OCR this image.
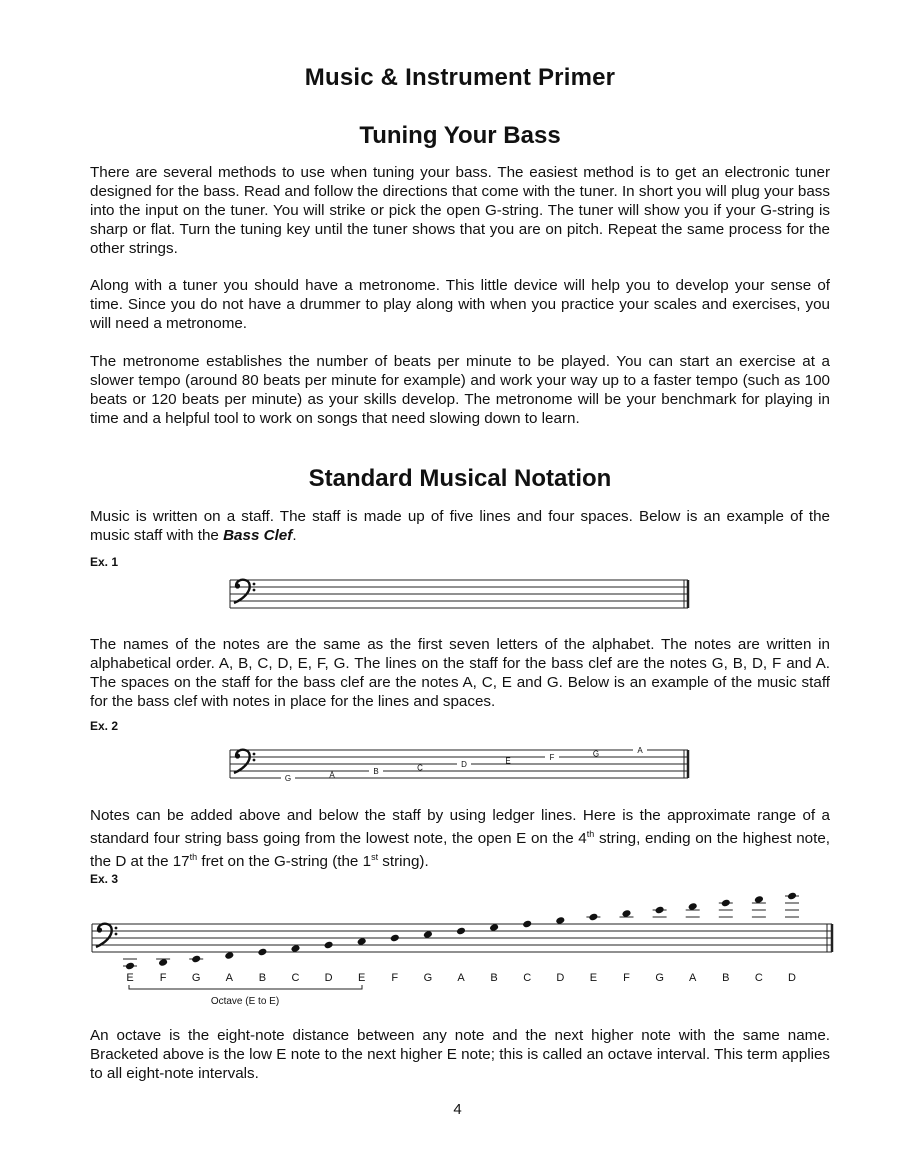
Music & Instrument Primer
Tuning Your Bass
There are several methods to use when tuning your bass. The easiest method is to get an electronic tuner designed for the bass. Read and follow the directions that come with the tuner. In short you will plug your bass into the input on the tuner. You will strike or pick the open G-string. The tuner will show you if your G-string is sharp or flat. Turn the tuning key until the tuner shows that you are on pitch. Repeat the same process for the other strings.
Along with a tuner you should have a metronome. This little device will help you to develop your sense of time. Since you do not have a drummer to play along with when you practice your scales and exercises, you will need a metronome.
The metronome establishes the number of beats per minute to be played. You can start an exercise at a slower tempo (around 80 beats per minute for example) and work your way up to a faster tempo (such as 100 beats or 120 beats per minute) as your skills develop. The metronome will be your benchmark for playing in time and a helpful tool to work on songs that need slowing down to learn.
Standard Musical Notation
Music is written on a staff. The staff is made up of five lines and four spaces. Below is an example of the music staff with the Bass Clef.
Ex. 1
The names of the notes are the same as the first seven letters of the alphabet. The notes are written in alphabetical order. A, B, C, D, E, F, G. The lines on the staff for the bass clef are the notes G, B, D, F and A. The spaces on the staff for the bass clef are the notes A, C, E and G. Below is an example of the music staff for the bass clef with notes in place for the lines and spaces.
Ex. 2
G	A	B	C	D	E	F	G	A
Notes can be added above and below the staff by using ledger lines. Here is the approximate range of a standard four string bass going from the lowest note, the open E on the 4th string, ending on the highest note, the D at the 17th fret on the G-string (the 1st string).
Ex. 3
E F G A B C D E F G A B C D E F G A B C D
Octave (E to E)
An octave is the eight-note distance between any note and the next higher note with the same name. Bracketed above is the low E note to the next higher E note; this is called an octave interval. This term applies to all eight-note intervals.
4
